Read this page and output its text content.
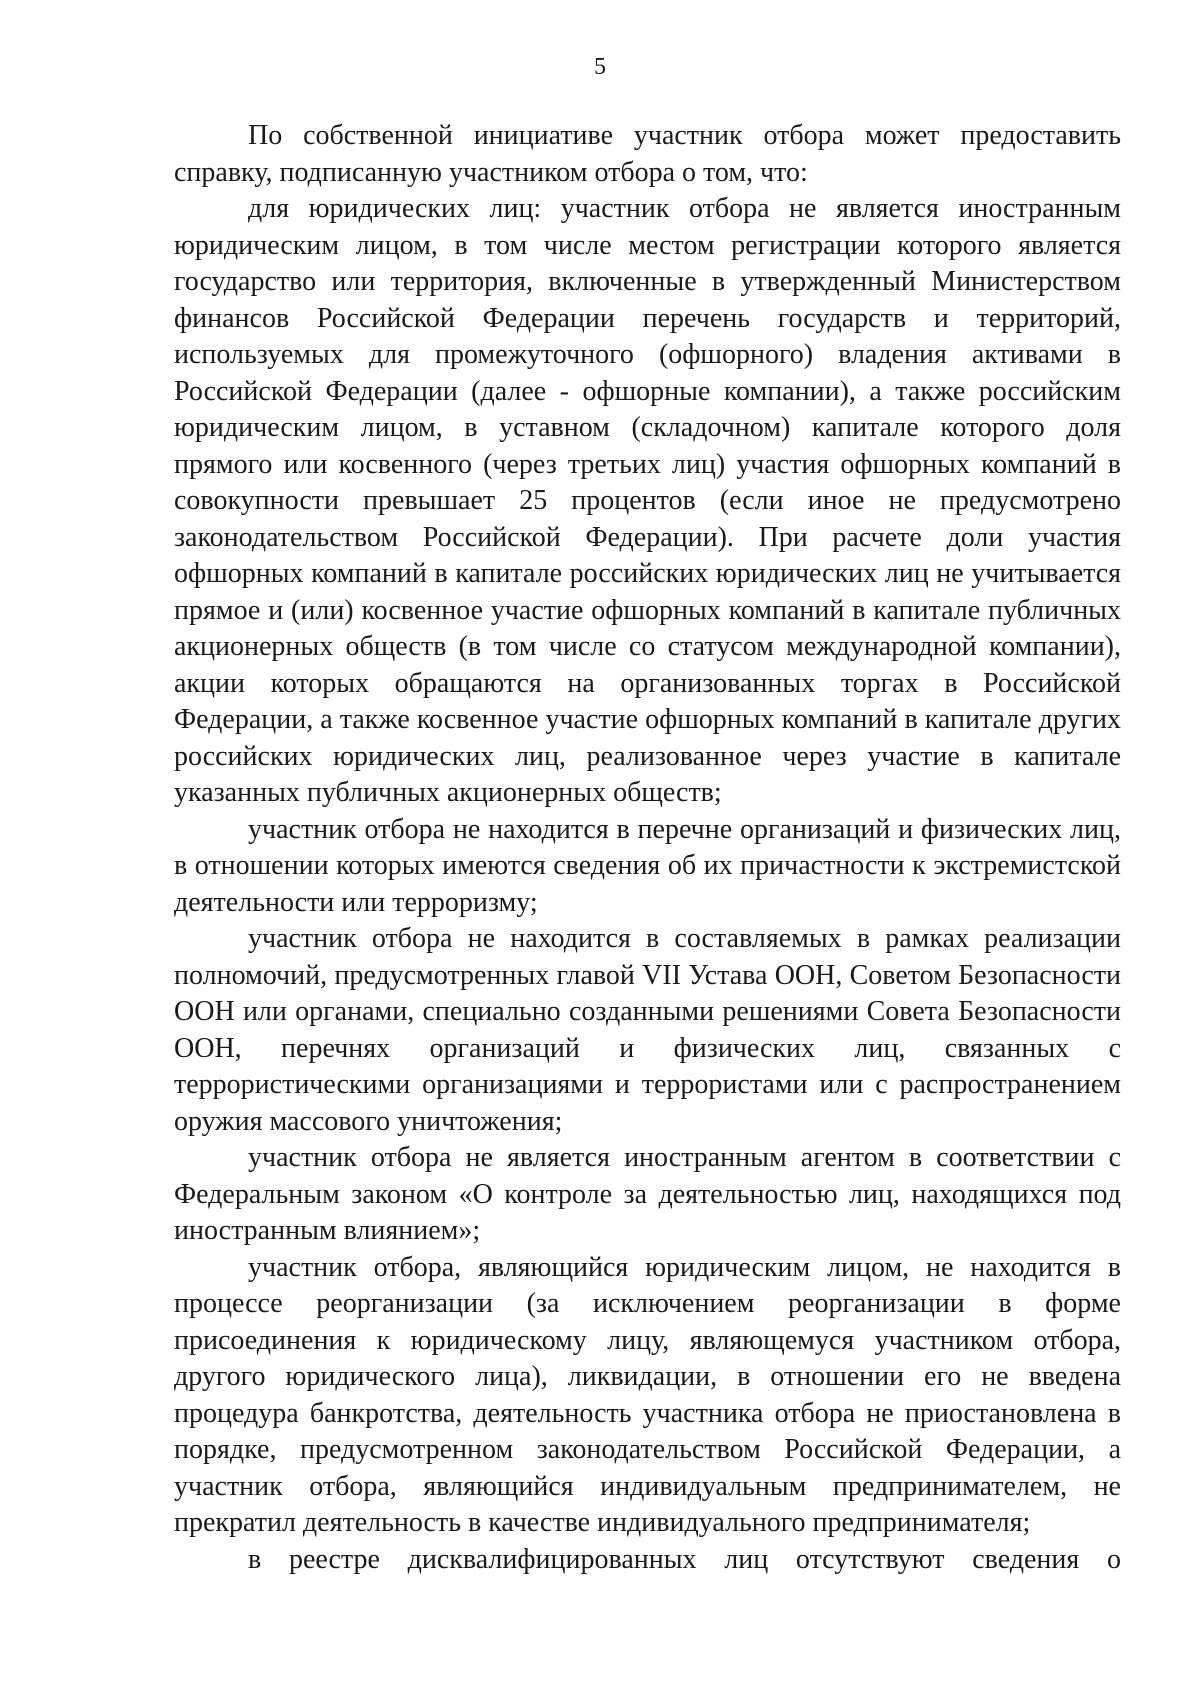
5

По собственной инициативе участник отбора может предоставить справку, подписанную участником отбора о том, что:

для юридических лиц: участник отбора не является иностранным юридическим лицом, в том числе местом регистрации которого является государство или территория, включенные в утвержденный Министерством финансов Российской Федерации перечень государств и территорий, используемых для промежуточного (офшорного) владения активами в Российской Федерации (далее - офшорные компании), а также российским юридическим лицом, в уставном (складочном) капитале которого доля прямого или косвенного (через третьих лиц) участия офшорных компаний в совокупности превышает 25 процентов (если иное не предусмотрено законодательством Российской Федерации). При расчете доли участия офшорных компаний в капитале российских юридических лиц не учитывается прямое и (или) косвенное участие офшорных компаний в капитале публичных акционерных обществ (в том числе со статусом международной компании), акции которых обращаются на организованных торгах в Российской Федерации, а также косвенное участие офшорных компаний в капитале других российских юридических лиц, реализованное через участие в капитале указанных публичных акционерных обществ;

участник отбора не находится в перечне организаций и физических лиц, в отношении которых имеются сведения об их причастности к экстремистской деятельности или терроризму;

участник отбора не находится в составляемых в рамках реализации полномочий, предусмотренных главой VII Устава ООН, Советом Безопасности ООН или органами, специально созданными решениями Совета Безопасности ООН, перечнях организаций и физических лиц, связанных с террористическими организациями и террористами или с распространением оружия массового уничтожения;

участник отбора не является иностранным агентом в соответствии с Федеральным законом «О контроле за деятельностью лиц, находящихся под иностранным влиянием»;

участник отбора, являющийся юридическим лицом, не находится в процессе реорганизации (за исключением реорганизации в форме присоединения к юридическому лицу, являющемуся участником отбора, другого юридического лица), ликвидации, в отношении его не введена процедура банкротства, деятельность участника отбора не приостановлена в порядке, предусмотренном законодательством Российской Федерации, а участник отбора, являющийся индивидуальным предпринимателем, не прекратил деятельность в качестве индивидуального предпринимателя;

в реестре дисквалифицированных лиц отсутствуют сведения о
